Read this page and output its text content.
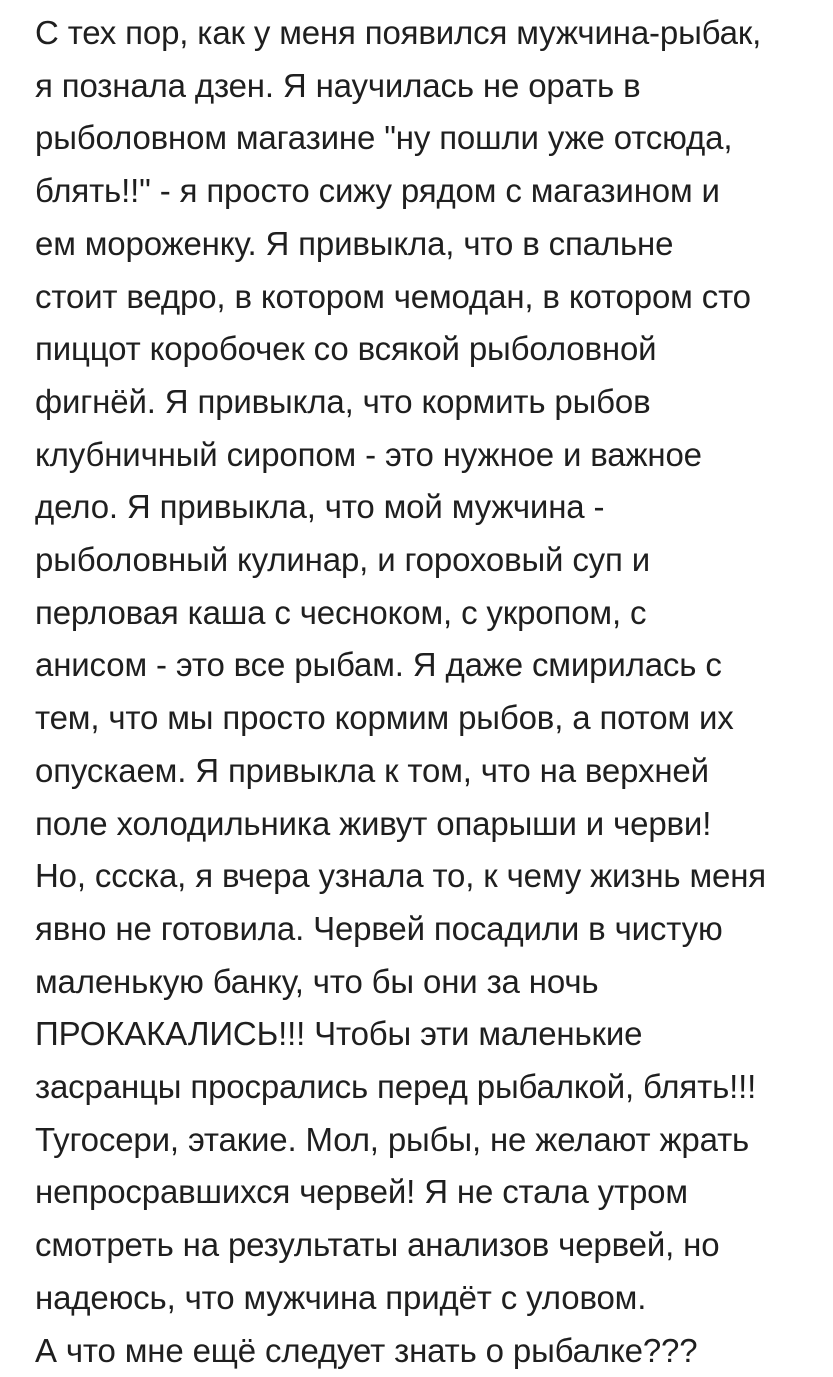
С тех пор, как у меня появился мужчина-рыбак,
я познала дзен. Я научилась не орать в
рыболовном магазине "ну пошли уже отсюда,
блять!!" - я просто сижу рядом с магазином и
ем мороженку. Я привыкла, что в спальне
стоит ведро, в котором чемодан, в котором сто
пиццот коробочек со всякой рыболовной
фигнёй. Я привыкла, что кормить рыбов
клубничный сиропом - это нужное и важное
дело. Я привыкла, что мой мужчина -
рыболовный кулинар, и гороховый суп и
перловая каша с чесноком, с укропом, с
анисом - это все рыбам. Я даже смирилась с
тем, что мы просто кормим рыбов, а потом их
опускаем. Я привыкла к том, что на верхней
поле холодильника живут опарыши и черви!
Но, ссска, я вчера узнала то, к чему жизнь меня
явно не готовила. Червей посадили в чистую
маленькую банку, что бы они за ночь
ПРОКАКАЛИСЬ!!! Чтобы эти маленькие
засранцы просрались перед рыбалкой, блять!!!
Тугосери, этакие. Мол, рыбы, не желают жрать
непросравшихся червей! Я не стала утром
смотреть на результаты анализов червей, но
надеюсь, что мужчина придёт с уловом.
А что мне ещё следует знать о рыбалке???
